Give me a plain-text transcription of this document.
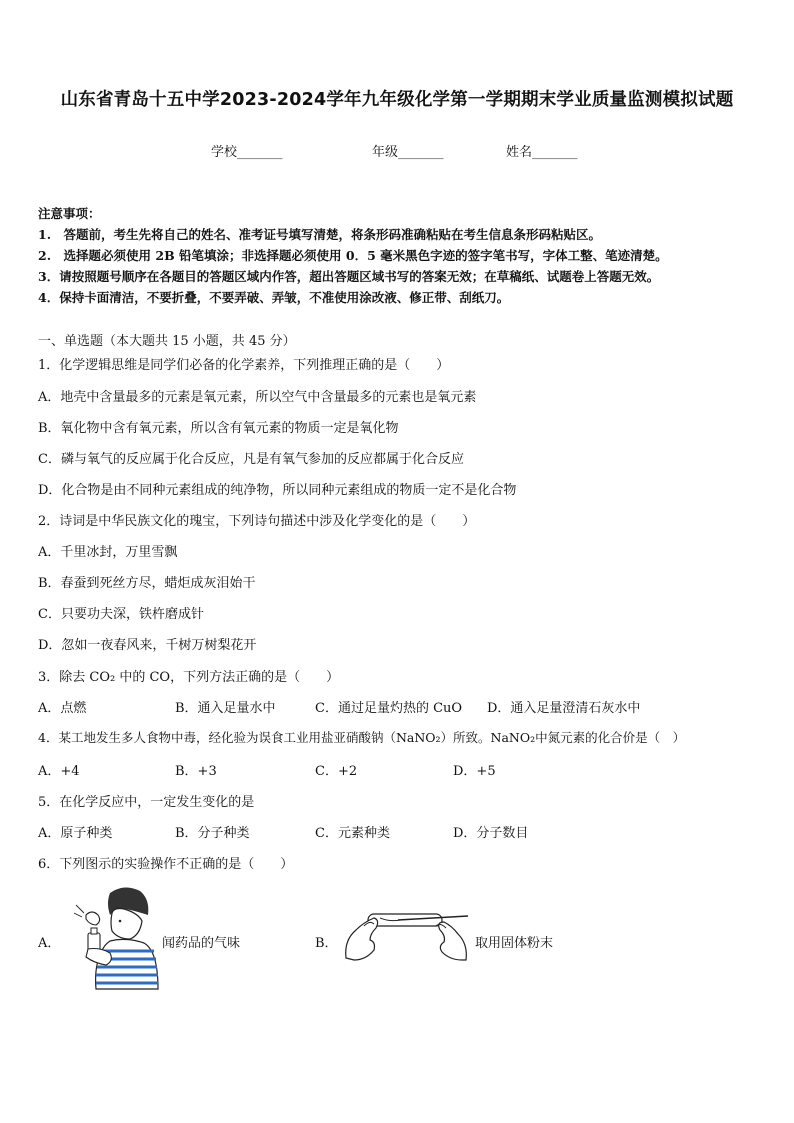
山东省青岛十五中学2023-2024学年九年级化学第一学期期末学业质量监测模拟试题
学校_______	年级_______	姓名_______
注意事项：
1.　答题前，考生先将自己的姓名、准考证号填写清楚，将条形码准确粘贴在考生信息条形码粘贴区。
2.　选择题必须使用 2B 铅笔填涂；非选择题必须使用 0．5 毫米黑色字迹的签字笔书写，字体工整、笔迹清楚。
3．请按照题号顺序在各题目的答题区域内作答，超出答题区域书写的答案无效；在草稿纸、试题卷上答题无效。
4．保持卡面清洁，不要折叠，不要弄破、弄皱，不准使用涂改液、修正带、刮纸刀。
一、单选题（本大题共 15 小题，共 45 分）
1．化学逻辑思维是同学们必备的化学素养，下列推理正确的是（　　）
A．地壳中含量最多的元素是氧元素，所以空气中含量最多的元素也是氧元素
B．氧化物中含有氧元素，所以含有氧元素的物质一定是氧化物
C．磷与氧气的反应属于化合反应，凡是有氧气参加的反应都属于化合反应
D．化合物是由不同种元素组成的纯净物，所以同种元素组成的物质一定不是化合物
2．诗词是中华民族文化的瑰宝，下列诗句描述中涉及化学变化的是（　　）
A．千里冰封，万里雪飘
B．春蚕到死丝方尽，蜡炬成灰泪始干
C．只要功夫深，铁杵磨成针
D．忽如一夜春风来，千树万树梨花开
3．除去 CO₂ 中的 CO，下列方法正确的是（　　）
A．点燃	B．通入足量水中	C．通过足量灼热的 CuO D．通入足量澄清石灰水中
4．某工地发生多人食物中毒，经化验为误食工业用盐亚硝酸钠（NaNO₂）所致。NaNO₂中氮元素的化合价是（　）
A．+4	B．+3	C．+2	D．+5
5．在化学反应中，一定发生变化的是
A．原子种类	B．分子种类	C．元素种类	D．分子数目
6．下列图示的实验操作不正确的是（　　）
A．	闻药品的气味	B．	取用固体粉末
